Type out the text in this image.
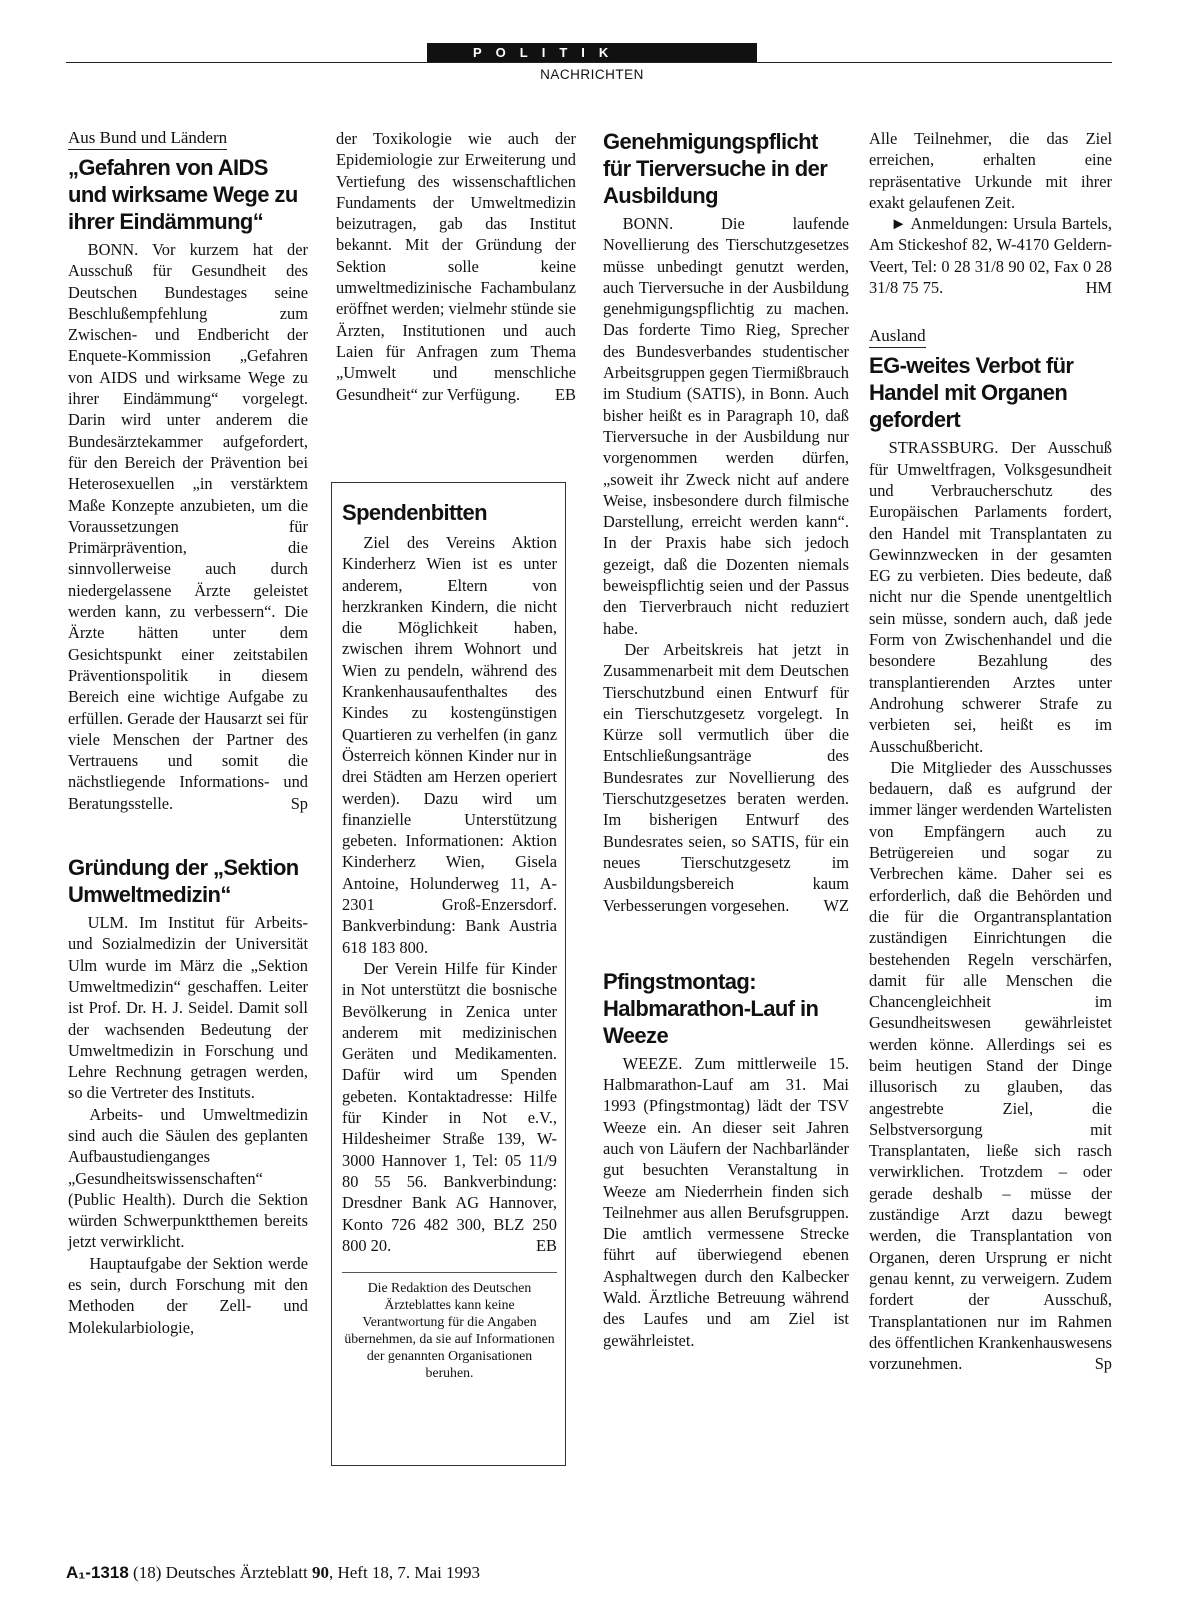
POLITIK
NACHRICHTEN
Aus Bund und Ländern
„Gefahren von AIDS und wirksame Wege zu ihrer Eindämmung“

BONN. Vor kurzem hat der Ausschuß für Gesundheit des Deutschen Bundestages seine Beschlußempfehlung zum Zwischen- und Endbericht der Enquete-Kommission „Gefahren von AIDS und wirksame Wege zu ihrer Eindämmung“ vorgelegt. Darin wird unter anderem die Bundesärztekammer aufgefordert, für den Bereich der Prävention bei Heterosexuellen „in verstärktem Maße Konzepte anzubieten, um die Voraussetzungen für Primärprävention, die sinnvollerweise auch durch niedergelassene Ärzte geleistet werden kann, zu verbessern“. Die Ärzte hätten unter dem Gesichtspunkt einer zeitstabilen Präventionspolitik in diesem Bereich eine wichtige Aufgabe zu erfüllen. Gerade der Hausarzt sei für viele Menschen der Partner des Vertrauens und somit die nächstliegende Informations- und Beratungsstelle.	Sp

Gründung der „Sektion Umweltmedizin“

ULM. Im Institut für Arbeits- und Sozialmedizin der Universität Ulm wurde im März die „Sektion Umweltmedizin“ geschaffen. Leiter ist Prof. Dr. H. J. Seidel. Damit soll der wachsenden Bedeutung der Umweltmedizin in Forschung und Lehre Rechnung getragen werden, so die Vertreter des Instituts.

Arbeits- und Umweltmedizin sind auch die Säulen des geplanten Aufbaustudienganges „Gesundheitswissenschaften“ (Public Health). Durch die Sektion würden Schwerpunktthemen bereits jetzt verwirklicht.

Hauptaufgabe der Sektion werde es sein, durch Forschung mit den Methoden der Zell- und Molekularbiologie,

der Toxikologie wie auch der Epidemiologie zur Erweiterung und Vertiefung des wissenschaftlichen Fundaments der Umweltmedizin beizutragen, gab das Institut bekannt. Mit der Gründung der Sektion solle keine umweltmedizinische Fachambulanz eröffnet werden; vielmehr stünde sie Ärzten, Institutionen und auch Laien für Anfragen zum Thema „Umwelt und menschliche Gesundheit“ zur Verfügung. EB

Spendenbitten

Ziel des Vereins Aktion Kinderherz Wien ist es unter anderem, Eltern von herzkranken Kindern, die nicht die Möglichkeit haben, zwischen ihrem Wohnort und Wien zu pendeln, während des Krankenhausaufenthaltes des Kindes zu kostengünstigen Quartieren zu verhelfen (in ganz Österreich können Kinder nur in drei Städten am Herzen operiert werden). Dazu wird um finanzielle Unterstützung gebeten. Informationen: Aktion Kinderherz Wien, Gisela Antoine, Holunderweg 11, A-2301 Groß-Enzersdorf. Bankverbindung: Bank Austria 618 183 800.

Der Verein Hilfe für Kinder in Not unterstützt die bosnische Bevölkerung in Zenica unter anderem mit medizinischen Geräten und Medikamenten. Dafür wird um Spenden gebeten. Kontaktadresse: Hilfe für Kinder in Not e.V., Hildesheimer Straße 139, W-3000 Hannover 1, Tel: 05 11/9 80 55 56. Bankverbindung: Dresdner Bank AG Hannover, Konto 726 482 300, BLZ 250 800 20.	EB

Die Redaktion des Deutschen Ärzteblattes kann keine Verantwortung für die Angaben übernehmen, da sie auf Informationen der genannten Organisationen beruhen.
Genehmigungspflicht für Tierversuche in der Ausbildung

BONN. Die laufende Novellierung des Tierschutzgesetzes müsse unbedingt genutzt werden, auch Tierversuche in der Ausbildung genehmigungspflichtig zu machen. Das forderte Timo Rieg, Sprecher des Bundesverbandes studentischer Arbeitsgruppen gegen Tiermißbrauch im Studium (SATIS), in Bonn. Auch bisher heißt es in Paragraph 10, daß Tierversuche in der Ausbildung nur vorgenommen werden dürfen, „soweit ihr Zweck nicht auf andere Weise, insbesondere durch filmische Darstellung, erreicht werden kann“. In der Praxis habe sich jedoch gezeigt, daß die Dozenten niemals beweispflichtig seien und der Passus den Tierverbrauch nicht reduziert habe.

Der Arbeitskreis hat jetzt in Zusammenarbeit mit dem Deutschen Tierschutzbund einen Entwurf für ein Tierschutzgesetz vorgelegt. In Kürze soll vermutlich über die Entschließungsanträge des Bundesrates zur Novellierung des Tierschutzgesetzes beraten werden. Im bisherigen Entwurf des Bundesrates seien, so SATIS, für ein neues Tierschutzgesetz im Ausbildungsbereich kaum Verbesserungen vorgesehen.	WZ

Pfingstmontag: Halbmarathon-Lauf in Weeze

WEEZE. Zum mittlerweile 15. Halbmarathon-Lauf am 31. Mai 1993 (Pfingstmontag) lädt der TSV Weeze ein. An dieser seit Jahren auch von Läufern der Nachbarländer gut besuchten Veranstaltung in Weeze am Niederrhein finden sich Teilnehmer aus allen Berufsgruppen. Die amtlich vermessene Strecke führt auf überwiegend ebenen Asphaltwegen durch den Kalbecker Wald. Ärztliche Betreuung während des Laufes und am Ziel ist gewährleistet.

Alle Teilnehmer, die das Ziel erreichen, erhalten eine repräsentative Urkunde mit ihrer exakt gelaufenen Zeit.

► Anmeldungen: Ursula Bartels, Am Stickeshof 82, W-4170 Geldern-Veert, Tel: 0 28 31/8 90 02, Fax 0 28 31/8 75 75.	HM

Ausland
EG-weites Verbot für Handel mit Organen gefordert

STRASSBURG. Der Ausschuß für Umweltfragen, Volksgesundheit und Verbraucherschutz des Europäischen Parlaments fordert, den Handel mit Transplantaten zu Gewinnzwecken in der gesamten EG zu verbieten. Dies bedeute, daß nicht nur die Spende unentgeltlich sein müsse, sondern auch, daß jede Form von Zwischenhandel und die besondere Bezahlung des transplantierenden Arztes unter Androhung schwerer Strafe zu verbieten sei, heißt es im Ausschußbericht.

Die Mitglieder des Ausschusses bedauern, daß es aufgrund der immer länger werdenden Wartelisten von Empfängern auch zu Betrügereien und sogar zu Verbrechen käme. Daher sei es erforderlich, daß die Behörden und die für die Organtransplantation zuständigen Einrichtungen die bestehenden Regeln verschärfen, damit für alle Menschen die Chancengleichheit im Gesundheitswesen gewährleistet werden könne. Allerdings sei es beim heutigen Stand der Dinge illusorisch zu glauben, das angestrebte Ziel, die Selbstversorgung mit Transplantaten, ließe sich rasch verwirklichen. Trotzdem – oder gerade deshalb – müsse der zuständige Arzt dazu bewegt werden, die Transplantation von Organen, deren Ursprung er nicht genau kennt, zu verweigern. Zudem fordert der Ausschuß, Transplantationen nur im Rahmen des öffentlichen Krankenhauswesens vorzunehmen.	Sp

A₁-1318 (18) Deutsches Ärzteblatt 90, Heft 18, 7. Mai 1993
